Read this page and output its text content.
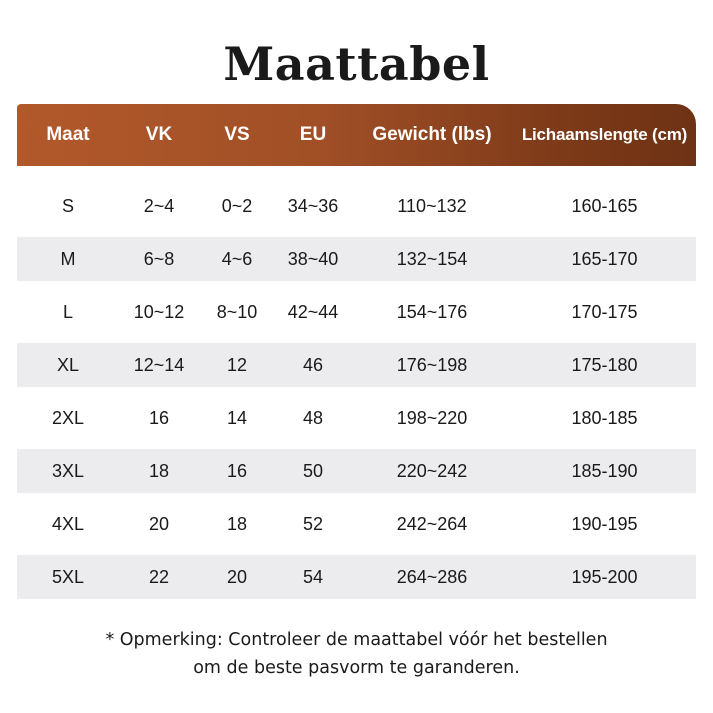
Maattabel
Maat	VK	VS	EU	Gewicht (lbs)	Lichaamslengte (cm)
S	2~4	0~2	34~36	110~132	160-165
M	6~8	4~6	38~40	132~154	165-170
L	10~12	8~10	42~44	154~176	170-175
XL	12~14	12	46	176~198	175-180
2XL	16	14	48	198~220	180-185
3XL	18	16	50	220~242	185-190
4XL	20	18	52	242~264	190-195
5XL	22	20	54	264~286	195-200
* Opmerking: Controleer de maattabel vóór het bestellen
om de beste pasvorm te garanderen.
